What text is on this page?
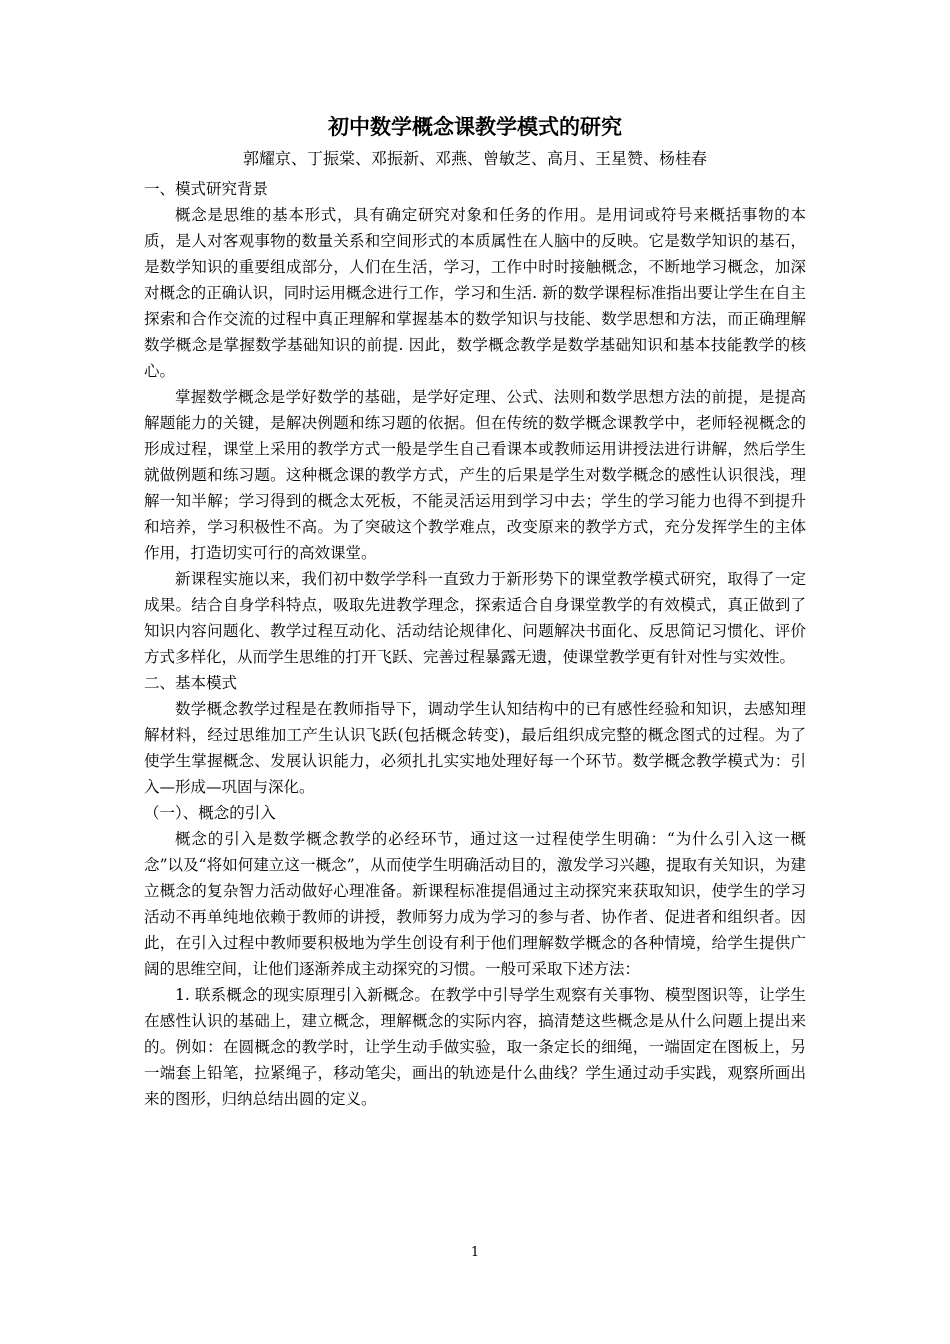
初中数学概念课教学模式的研究
郭耀京、丁振棠、邓振新、邓燕、曾敏芝、高月、王星赞、杨桂春
一、模式研究背景

概念是思维的基本形式，具有确定研究对象和任务的作用。是用词或符号来概括事物的本质，是人对客观事物的数量关系和空间形式的本质属性在人脑中的反映。它是数学知识的基石，是数学知识的重要组成部分，人们在生活，学习，工作中时时接触概念，不断地学习概念，加深对概念的正确认识，同时运用概念进行工作，学习和生活. 新的数学课程标准指出要让学生在自主探索和合作交流的过程中真正理解和掌握基本的数学知识与技能、数学思想和方法，而正确理解数学概念是掌握数学基础知识的前提. 因此，数学概念教学是数学基础知识和基本技能教学的核心。

掌握数学概念是学好数学的基础，是学好定理、公式、法则和数学思想方法的前提，是提高解题能力的关键，是解决例题和练习题的依据。但在传统的数学概念课教学中，老师轻视概念的形成过程，课堂上采用的教学方式一般是学生自己看课本或教师运用讲授法进行讲解，然后学生就做例题和练习题。这种概念课的教学方式，产生的后果是学生对数学概念的感性认识很浅，理解一知半解；学习得到的概念太死板，不能灵活运用到学习中去；学生的学习能力也得不到提升和培养，学习积极性不高。为了突破这个教学难点，改变原来的教学方式，充分发挥学生的主体作用，打造切实可行的高效课堂。

新课程实施以来，我们初中数学学科一直致力于新形势下的课堂教学模式研究，取得了一定成果。结合自身学科特点，吸取先进教学理念，探索适合自身课堂教学的有效模式，真正做到了知识内容问题化、教学过程互动化、活动结论规律化、问题解决书面化、反思简记习惯化、评价方式多样化，从而学生思维的打开飞跃、完善过程暴露无遗，使课堂教学更有针对性与实效性。

二、基本模式

数学概念教学过程是在教师指导下，调动学生认知结构中的已有感性经验和知识，去感知理解材料，经过思维加工产生认识飞跃(包括概念转变)，最后组织成完整的概念图式的过程。为了使学生掌握概念、发展认识能力，必须扎扎实实地处理好每一个环节。数学概念教学模式为：引入—形成—巩固与深化。

（一）、概念的引入

概念的引入是数学概念教学的必经环节，通过这一过程使学生明确：“为什么引入这一概念”以及“将如何建立这一概念”，从而使学生明确活动目的，激发学习兴趣，提取有关知识，为建立概念的复杂智力活动做好心理准备。新课程标准提倡通过主动探究来获取知识，使学生的学习活动不再单纯地依赖于教师的讲授，教师努力成为学习的参与者、协作者、促进者和组织者。因此，在引入过程中教师要积极地为学生创设有利于他们理解数学概念的各种情境，给学生提供广阔的思维空间，让他们逐渐养成主动探究的习惯。一般可采取下述方法：

1. 联系概念的现实原理引入新概念。在教学中引导学生观察有关事物、模型图识等，让学生在感性认识的基础上，建立概念，理解概念的实际内容，搞清楚这些概念是从什么问题上提出来的。例如：在圆概念的教学时，让学生动手做实验，取一条定长的细绳，一端固定在图板上，另一端套上铅笔，拉紧绳子，移动笔尖，画出的轨迹是什么曲线？学生通过动手实践，观察所画出来的图形，归纳总结出圆的定义。

1
